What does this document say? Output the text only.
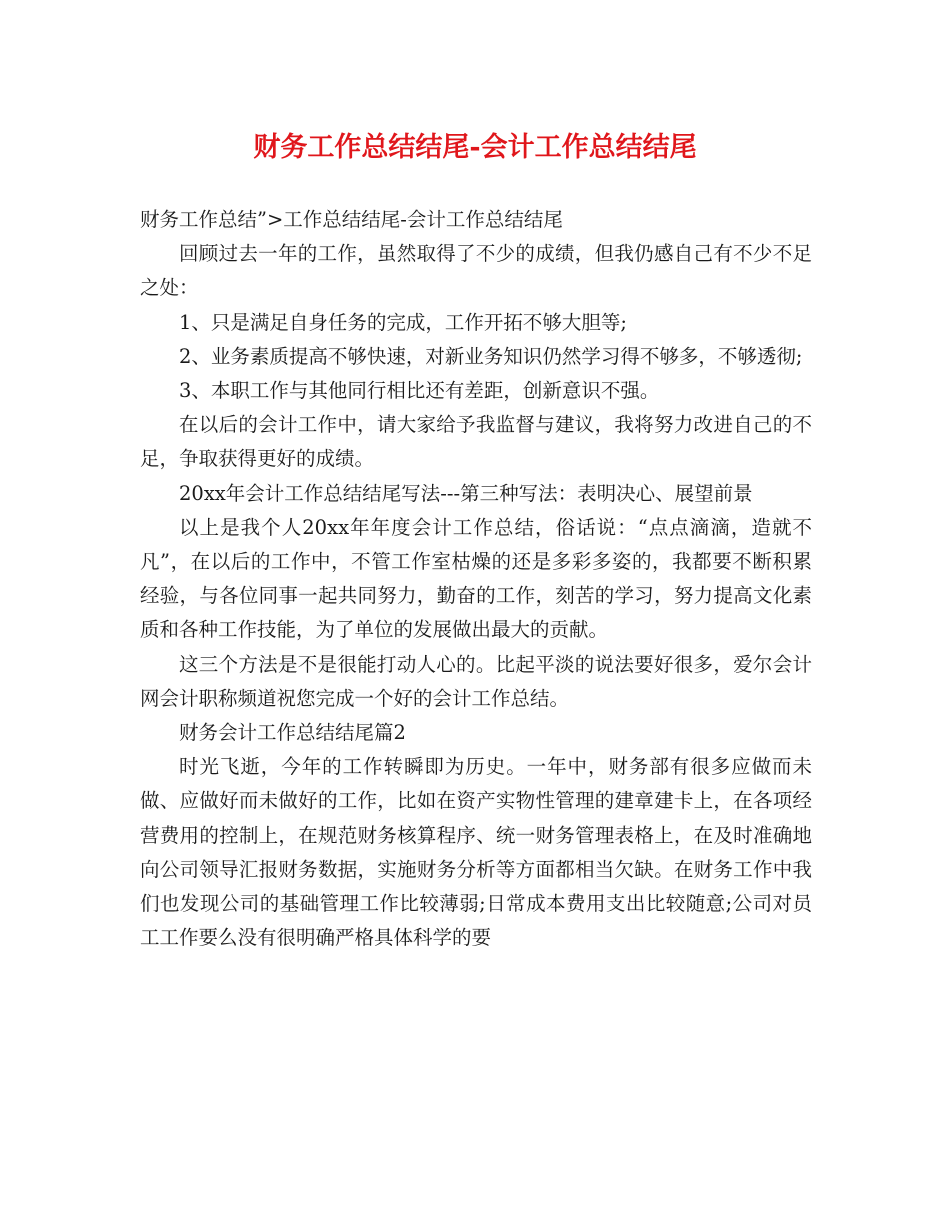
财务工作总结结尾-会计工作总结结尾

财务工作总结”>工作总结结尾-会计工作总结结尾

回顾过去一年的工作，虽然取得了不少的成绩，但我仍感自己有不少不足之处：

1、只是满足自身任务的完成，工作开拓不够大胆等;

2、业务素质提高不够快速，对新业务知识仍然学习得不够多，不够透彻;

3、本职工作与其他同行相比还有差距，创新意识不强。

在以后的会计工作中，请大家给予我监督与建议，我将努力改进自己的不足，争取获得更好的成绩。

20xx年会计工作总结结尾写法---第三种写法：表明决心、展望前景

以上是我个人20xx年年度会计工作总结，俗话说：“点点滴滴，造就不凡”，在以后的工作中，不管工作室枯燥的还是多彩多姿的，我都要不断积累经验，与各位同事一起共同努力，勤奋的工作，刻苦的学习，努力提高文化素质和各种工作技能，为了单位的发展做出最大的贡献。

这三个方法是不是很能打动人心的。比起平淡的说法要好很多，爱尔会计网会计职称频道祝您完成一个好的会计工作总结。

财务会计工作总结结尾篇2

时光飞逝，今年的工作转瞬即为历史。一年中，财务部有很多应做而未做、应做好而未做好的工作，比如在资产实物性管理的建章建卡上，在各项经营费用的控制上，在规范财务核算程序、统一财务管理表格上，在及时准确地向公司领导汇报财务数据，实施财务分析等方面都相当欠缺。在财务工作中我们也发现公司的基础管理工作比较薄弱;日常成本费用支出比较随意;公司对员工工作要么没有很明确严格具体科学的要
